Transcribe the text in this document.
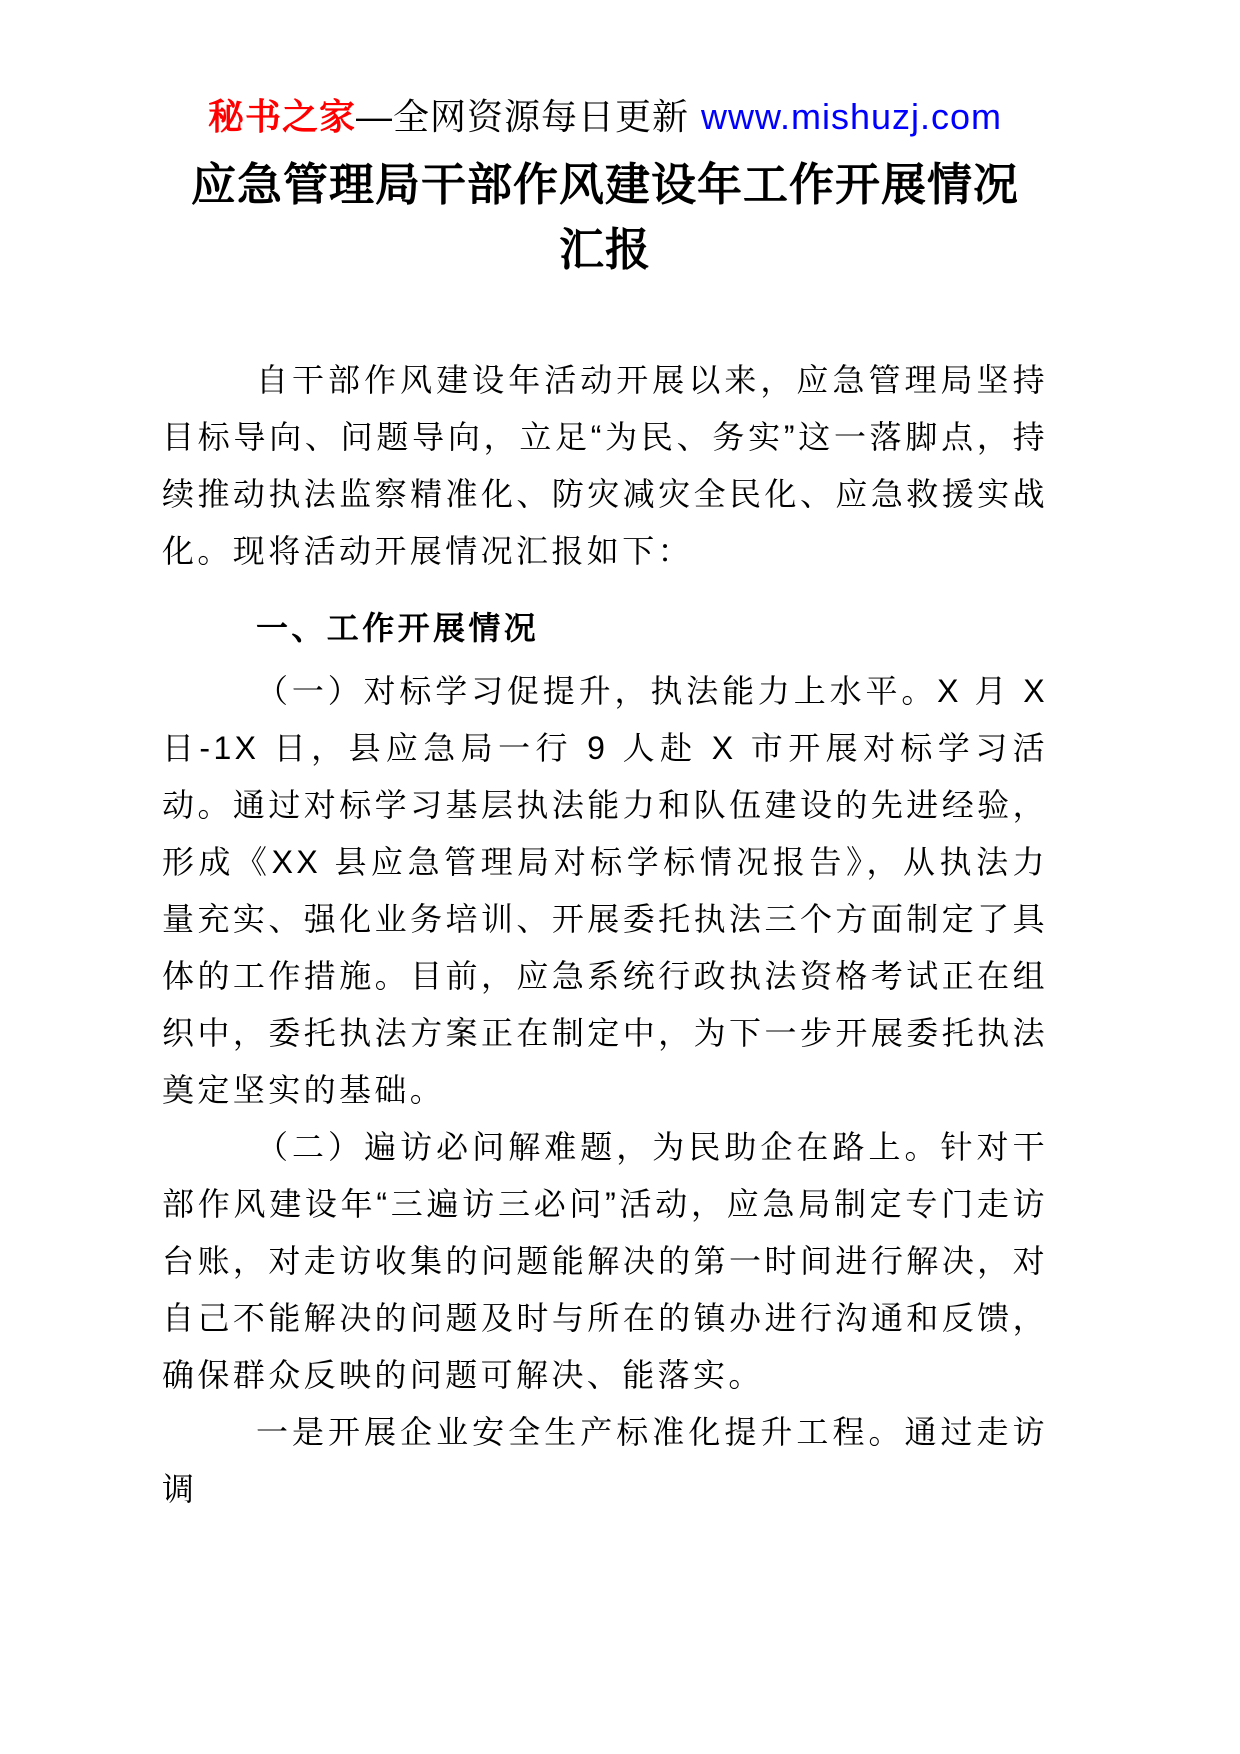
秘书之家—全网资源每日更新 www.mishuzj.com
应急管理局干部作风建设年工作开展情况
汇报

自干部作风建设年活动开展以来，应急管理局坚持目标导向、问题导向，立足“为民、务实”这一落脚点，持续推动执法监察精准化、防灾减灾全民化、应急救援实战化。现将活动开展情况汇报如下：

一、工作开展情况

（一）对标学习促提升，执法能力上水平。X 月 X 日-1X 日，县应急局一行 9 人赴 X 市开展对标学习活动。通过对标学习基层执法能力和队伍建设的先进经验，形成《XX 县应急管理局对标学标情况报告》，从执法力量充实、强化业务培训、开展委托执法三个方面制定了具体的工作措施。目前，应急系统行政执法资格考试正在组织中，委托执法方案正在制定中，为下一步开展委托执法奠定坚实的基础。

（二）遍访必问解难题，为民助企在路上。针对干部作风建设年“三遍访三必问”活动，应急局制定专门走访台账，对走访收集的问题能解决的第一时间进行解决，对自己不能解决的问题及时与所在的镇办进行沟通和反馈，确保群众反映的问题可解决、能落实。

一是开展企业安全生产标准化提升工程。通过走访调
